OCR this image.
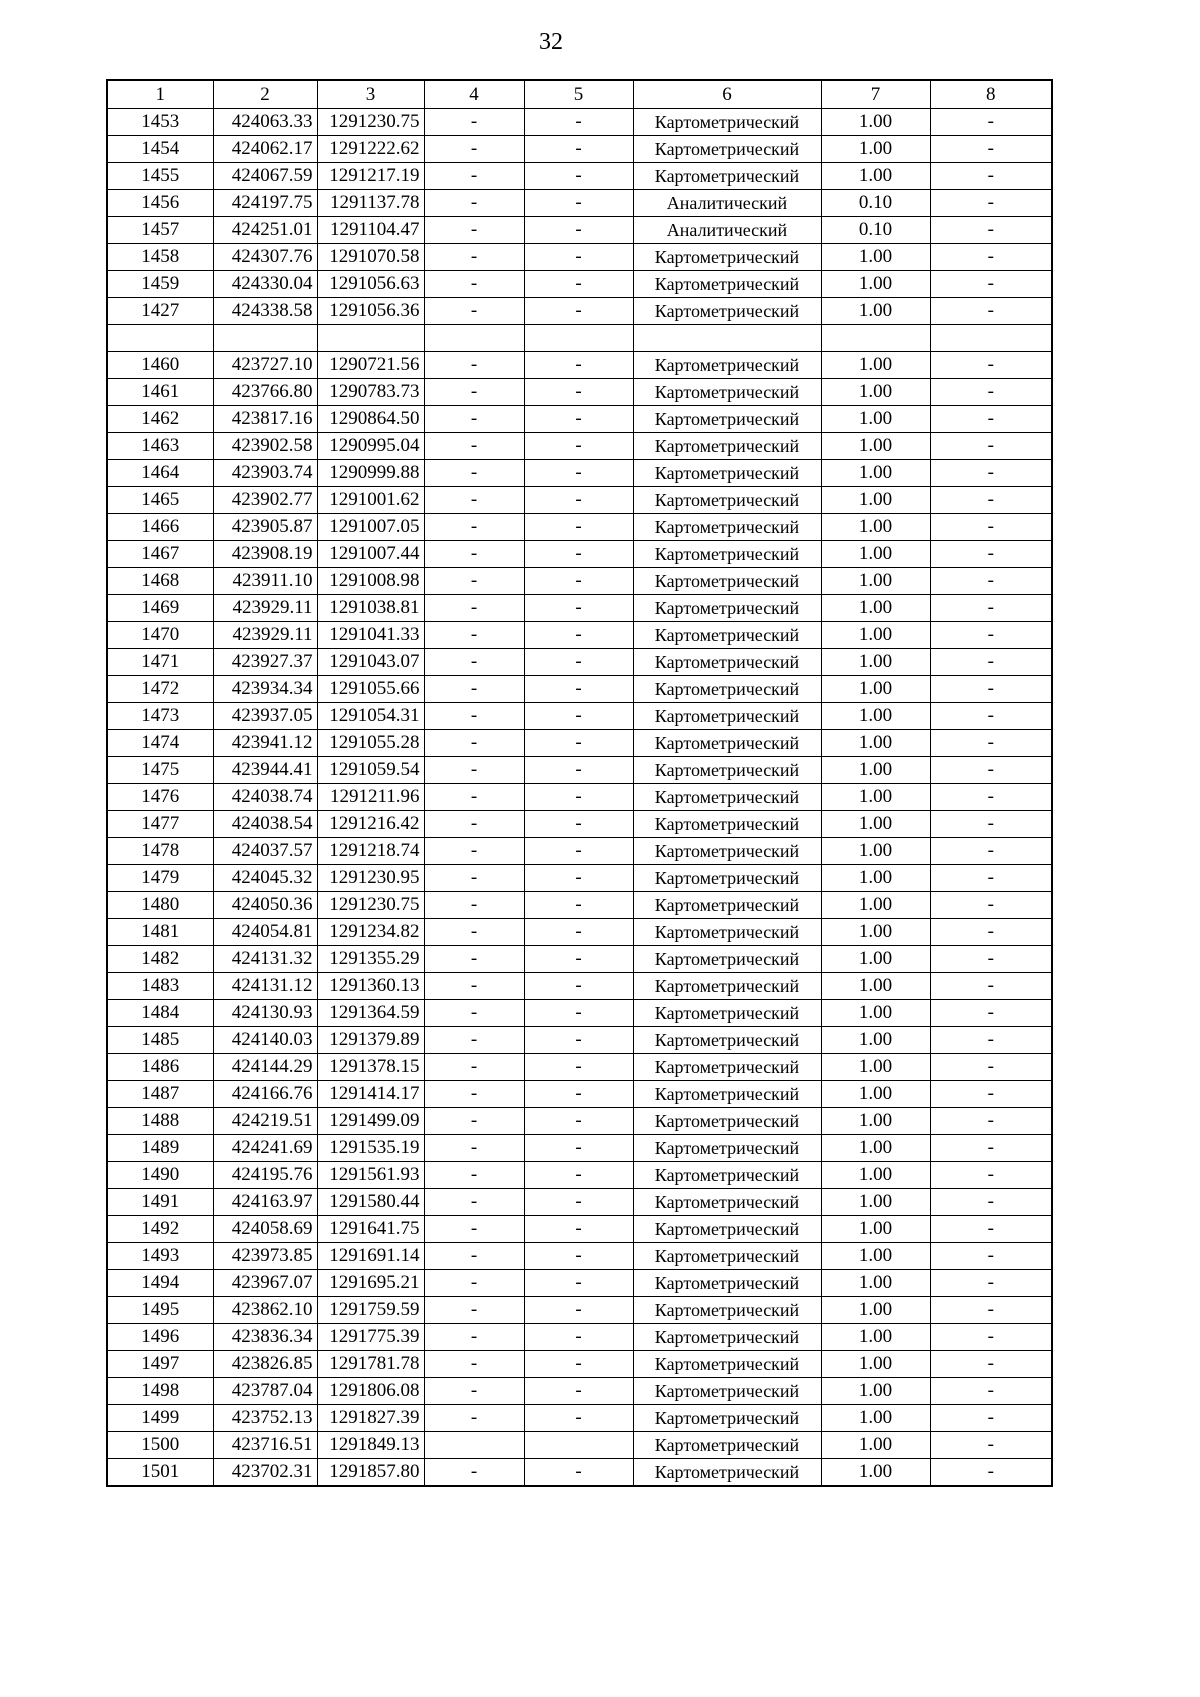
32
1	2	3	4	5	6	7	8
1453	424063.33	1291230.75	-	-	Картометрический	1.00	-
1454	424062.17	1291222.62	-	-	Картометрический	1.00	-
1455	424067.59	1291217.19	-	-	Картометрический	1.00	-
1456	424197.75	1291137.78	-	-	Аналитический	0.10	-
1457	424251.01	1291104.47	-	-	Аналитический	0.10	-
1458	424307.76	1291070.58	-	-	Картометрический	1.00	-
1459	424330.04	1291056.63	-	-	Картометрический	1.00	-
1427	424338.58	1291056.36	-	-	Картометрический	1.00	-

1460	423727.10	1290721.56	-	-	Картометрический	1.00	-
1461	423766.80	1290783.73	-	-	Картометрический	1.00	-
1462	423817.16	1290864.50	-	-	Картометрический	1.00	-
1463	423902.58	1290995.04	-	-	Картометрический	1.00	-
1464	423903.74	1290999.88	-	-	Картометрический	1.00	-
1465	423902.77	1291001.62	-	-	Картометрический	1.00	-
1466	423905.87	1291007.05	-	-	Картометрический	1.00	-
1467	423908.19	1291007.44	-	-	Картометрический	1.00	-
1468	423911.10	1291008.98	-	-	Картометрический	1.00	-
1469	423929.11	1291038.81	-	-	Картометрический	1.00	-
1470	423929.11	1291041.33	-	-	Картометрический	1.00	-
1471	423927.37	1291043.07	-	-	Картометрический	1.00	-
1472	423934.34	1291055.66	-	-	Картометрический	1.00	-
1473	423937.05	1291054.31	-	-	Картометрический	1.00	-
1474	423941.12	1291055.28	-	-	Картометрический	1.00	-
1475	423944.41	1291059.54	-	-	Картометрический	1.00	-
1476	424038.74	1291211.96	-	-	Картометрический	1.00	-
1477	424038.54	1291216.42	-	-	Картометрический	1.00	-
1478	424037.57	1291218.74	-	-	Картометрический	1.00	-
1479	424045.32	1291230.95	-	-	Картометрический	1.00	-
1480	424050.36	1291230.75	-	-	Картометрический	1.00	-
1481	424054.81	1291234.82	-	-	Картометрический	1.00	-
1482	424131.32	1291355.29	-	-	Картометрический	1.00	-
1483	424131.12	1291360.13	-	-	Картометрический	1.00	-
1484	424130.93	1291364.59	-	-	Картометрический	1.00	-
1485	424140.03	1291379.89	-	-	Картометрический	1.00	-
1486	424144.29	1291378.15	-	-	Картометрический	1.00	-
1487	424166.76	1291414.17	-	-	Картометрический	1.00	-
1488	424219.51	1291499.09	-	-	Картометрический	1.00	-
1489	424241.69	1291535.19	-	-	Картометрический	1.00	-
1490	424195.76	1291561.93	-	-	Картометрический	1.00	-
1491	424163.97	1291580.44	-	-	Картометрический	1.00	-
1492	424058.69	1291641.75	-	-	Картометрический	1.00	-
1493	423973.85	1291691.14	-	-	Картометрический	1.00	-
1494	423967.07	1291695.21	-	-	Картометрический	1.00	-
1495	423862.10	1291759.59	-	-	Картометрический	1.00	-
1496	423836.34	1291775.39	-	-	Картометрический	1.00	-
1497	423826.85	1291781.78	-	-	Картометрический	1.00	-
1498	423787.04	1291806.08	-	-	Картометрический	1.00	-
1499	423752.13	1291827.39	-	-	Картометрический	1.00	-
1500	423716.51	1291849.13			Картометрический	1.00	-
1501	423702.31	1291857.80	-	-	Картометрический	1.00	-
